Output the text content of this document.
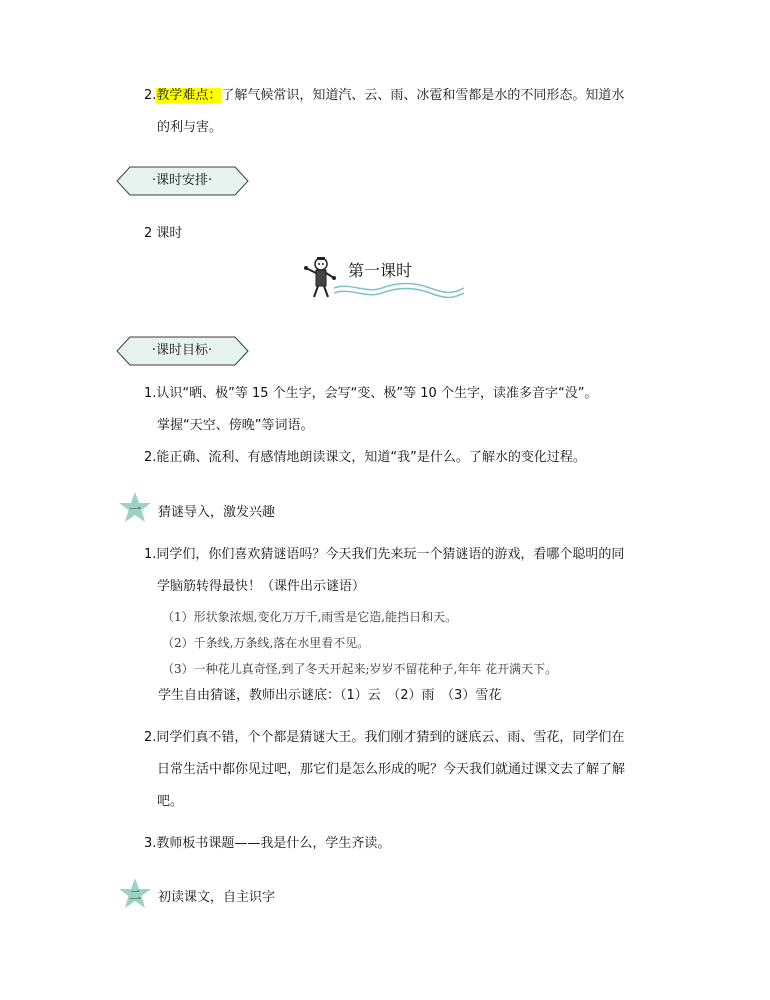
2.教学难点：了解气候常识，知道汽、云、雨、冰雹和雪都是水的不同形态。知道水
的利与害。
·课时安排·
2 课时
第一课时
·课时目标·
1.认识“晒、极”等 15 个生字，会写“变、极”等 10 个生字，读准多音字“没”。
掌握“天空、傍晚”等词语。
2.能正确、流利、有感情地朗读课文，知道“我”是什么。了解水的变化过程。
一	猜谜导入，激发兴趣
1.同学们，你们喜欢猜谜语吗？今天我们先来玩一个猜谜语的游戏，看哪个聪明的同
学脑筋转得最快！（课件出示谜语）
（1）形状象浓烟,变化万万千,雨雪是它造,能挡日和天。
（2）千条线,万条线,落在水里看不见。
（3）一种花儿真奇怪,到了冬天开起来;岁岁不留花种子,年年 花开满天下。
学生自由猜谜，教师出示谜底：（1）云　（2）雨　（3）雪花
2.同学们真不错，个个都是猜谜大王。我们刚才猜到的谜底云、雨、雪花，同学们在
日常生活中都你见过吧，那它们是怎么形成的呢？今天我们就通过课文去了解了解
吧。
3.教师板书课题——我是什么，学生齐读。
二	初读课文，自主识字
